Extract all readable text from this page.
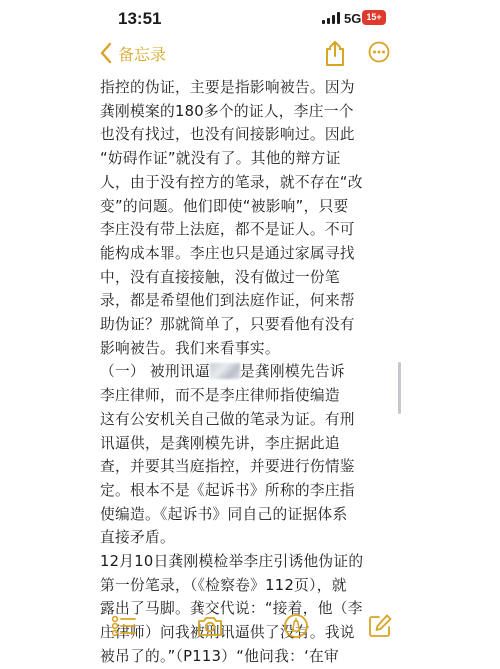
13:51	5G 15+
备忘录

指控的伪证，主要是指影响被告。因为
龚刚模案的180多个的证人，李庄一个
也没有找过，也没有间接影响过。因此
“妨碍作证”就没有了。其他的辩方证
人，由于没有控方的笔录，就不存在“改
变”的问题。他们即使“被影响”，只要
李庄没有带上法庭，都不是证人。不可
能构成本罪。李庄也只是通过家属寻找
中，没有直接接触，没有做过一份笔
录，都是希望他们到法庭作证，何来帮
助伪证？那就简单了，只要看他有没有
影响被告。我们来看事实。

（一） 被刑讯逼 是龚刚模先告诉
李庄律师，而不是李庄律师指使编造
这有公安机关自己做的笔录为证。有刑
讯逼供，是龚刚模先讲，李庄据此追
查，并要其当庭指控，并要进行伤情鉴
定。根本不是《起诉书》所称的李庄指
使编造。《起诉书》同自己的证据体系
直接矛盾。

12月10日龚刚模检举李庄引诱他伪证的
第一份笔录，（《检察卷》112页），就
露出了马脚。龚交代说：“接着，他（李
庄律师）问我被刑讯逼供了没有。我说
被吊了的。”（P113）“他问我：‘在审
